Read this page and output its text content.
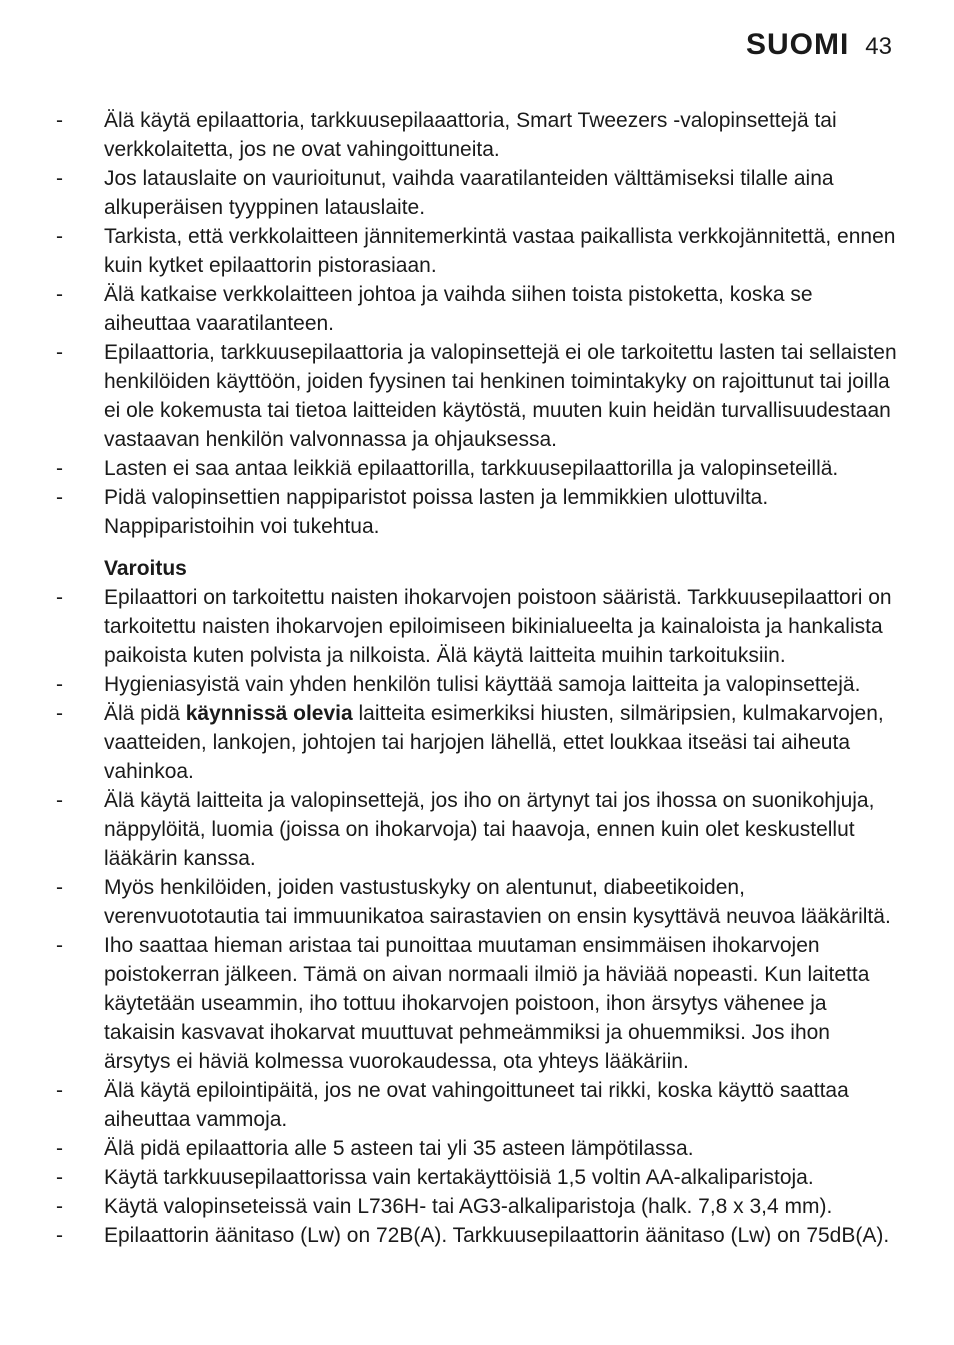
SUOMI 43
-	Älä käytä epilaattoria, tarkkuusepilaaattoria, Smart Tweezers -valopinsettejä tai verkkolaitetta, jos ne ovat vahingoittuneita.
-	Jos latauslaite on vaurioitunut, vaihda vaaratilanteiden välttämiseksi tilalle aina alkuperäisen tyyppinen latauslaite.
-	Tarkista, että verkkolaitteen jännitemerkintä vastaa paikallista verkkojännitettä, ennen kuin kytket epilaattorin pistorasiaan.
-	Älä katkaise verkkolaitteen johtoa ja vaihda siihen toista pistoketta, koska se aiheuttaa vaaratilanteen.
-	Epilaattoria, tarkkuusepilaattoria ja valopinsettejä ei ole tarkoitettu lasten tai sellaisten henkilöiden käyttöön, joiden fyysinen tai henkinen toimintakyky on rajoittunut tai joilla ei ole kokemusta tai tietoa laitteiden käytöstä, muuten kuin heidän turvallisuudestaan vastaavan henkilön valvonnassa ja ohjauksessa.
-	Lasten ei saa antaa leikkiä epilaattorilla, tarkkuusepilaattorilla ja valopinseteillä.
-	Pidä valopinsettien nappiparistot poissa lasten ja lemmikkien ulottuvilta. Nappiparistoihin voi tukehtua.
Varoitus
-	Epilaattori on tarkoitettu naisten ihokarvojen poistoon sääristä. Tarkkuusepilaattori on tarkoitettu naisten ihokarvojen epiloimiseen bikinialueelta ja kainaloista ja hankalista paikoista kuten polvista ja nilkoista. Älä käytä laitteita muihin tarkoituksiin.
-	Hygieniasyistä vain yhden henkilön tulisi käyttää samoja laitteita ja valopinsettejä.
-	Älä pidä käynnissä olevia laitteita esimerkiksi hiusten, silmäripsien, kulmakarvojen, vaatteiden, lankojen, johtojen tai harjojen lähellä, ettet loukkaa itseäsi tai aiheuta vahinkoa.
-	Älä käytä laitteita ja valopinsettejä, jos iho on ärtynyt tai jos ihossa on suonikohjuja, näppylöitä, luomia (joissa on ihokarvoja) tai haavoja, ennen kuin olet keskustellut lääkärin kanssa.
-	Myös henkilöiden, joiden vastustuskyky on alentunut, diabeetikoiden, verenvuototautia tai immuunikatoa sairastavien on ensin kysyttävä neuvoa lääkäriltä.
-	Iho saattaa hieman aristaa tai punoittaa muutaman ensimmäisen ihokarvojen poistokerran jälkeen. Tämä on aivan normaali ilmiö ja häviää nopeasti. Kun laitetta käytetään useammin, iho tottuu ihokarvojen poistoon, ihon ärsytys vähenee ja takaisin kasvavat ihokarvat muuttuvat pehmeämmiksi ja ohuemmiksi. Jos ihon ärsytys ei häviä kolmessa vuorokaudessa, ota yhteys lääkäriin.
-	Älä käytä epilointipäitä, jos ne ovat vahingoittuneet tai rikki, koska käyttö saattaa aiheuttaa vammoja.
-	Älä pidä epilaattoria alle 5 asteen tai yli 35 asteen lämpötilassa.
-	Käytä tarkkuusepilaattorissa vain kertakäyttöisiä 1,5 voltin AA-alkaliparistoja.
-	Käytä valopinseteissä vain L736H- tai AG3-alkaliparistoja (halk. 7,8 x 3,4 mm).
-	Epilaattorin äänitaso (Lw) on 72B(A). Tarkkuusepilaattorin äänitaso (Lw) on 75dB(A).
